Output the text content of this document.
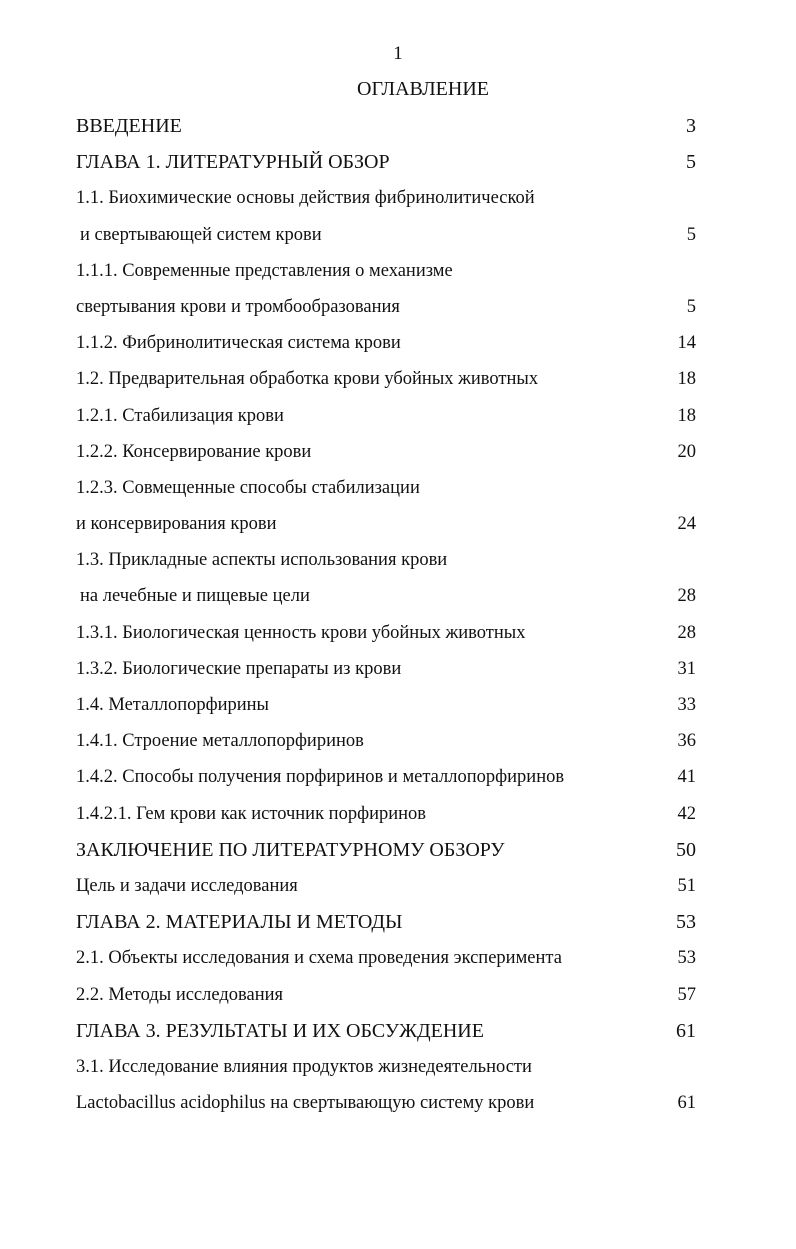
1
ОГЛАВЛЕНИЕ
ВВЕДЕНИЕ	3
ГЛАВА 1. ЛИТЕРАТУРНЫЙ ОБЗОР	5
1.1. Биохимические основы действия фибринолитической
и свертывающей систем крови	5
1.1.1. Современные представления о механизме
свертывания крови и тромбообразования	5
1.1.2. Фибринолитическая система крови	14
1.2. Предварительная обработка крови убойных животных	18
1.2.1. Стабилизация крови	18
1.2.2. Консервирование крови	20
1.2.3. Совмещенные способы стабилизации
и консервирования крови	24
1.3. Прикладные аспекты использования крови
на лечебные и пищевые цели	28
1.3.1. Биологическая ценность крови убойных животных	28
1.3.2. Биологические препараты из крови	31
1.4. Металлопорфирины	33
1.4.1. Строение металлопорфиринов	36
1.4.2. Способы получения порфиринов и металлопорфиринов	41
1.4.2.1. Гем крови как источник порфиринов	42
ЗАКЛЮЧЕНИЕ ПО ЛИТЕРАТУРНОМУ ОБЗОРУ	50
Цель и задачи исследования	51
ГЛАВА 2. МАТЕРИАЛЫ И МЕТОДЫ	53
2.1. Объекты исследования и схема проведения эксперимента	53
2.2. Методы исследования	57
ГЛАВА 3. РЕЗУЛЬТАТЫ И ИХ ОБСУЖДЕНИЕ	61
3.1. Исследование влияния продуктов жизнедеятельности
Lactobacillus acidophilus на свертывающую систему крови	61
